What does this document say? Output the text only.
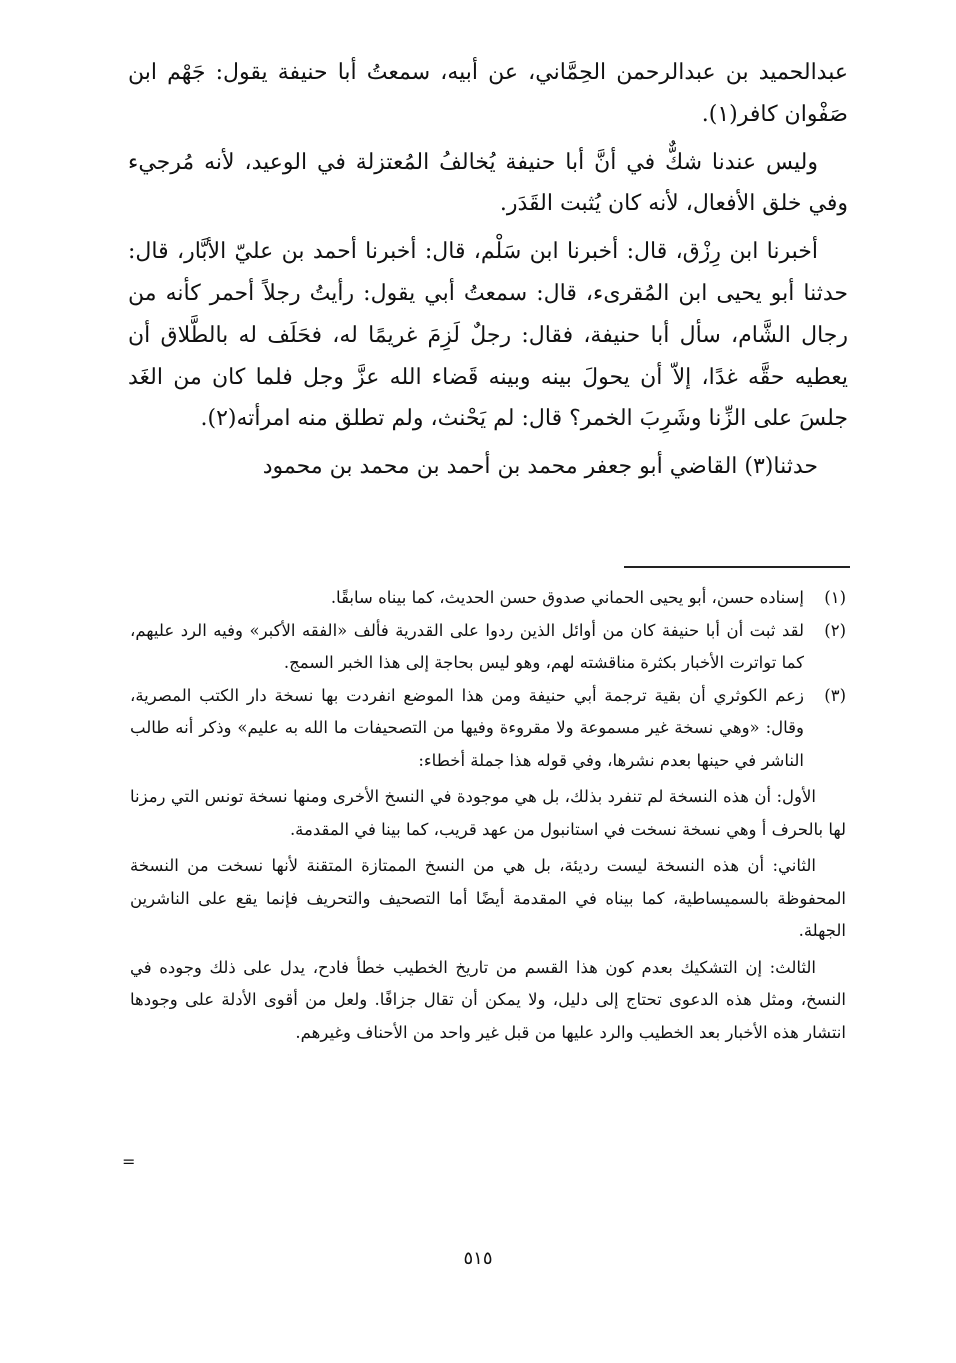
عبدالحميد بن عبدالرحمن الحِمَّاني، عن أبيه، سمعتُ أبا حنيفة يقول: جَهْم ابن صَفْوان كافر(١).

وليس عندنا شكٌّ في أنَّ أبا حنيفة يُخالفُ المُعتزلة في الوعيد، لأنه مُرجيء وفي خلق الأفعال، لأنه كان يُثبت القَدَر.

أخبرنا ابن رِزْق، قال: أخبرنا ابن سَلْم، قال: أخبرنا أحمد بن عليّ الأبَّار، قال: حدثنا أبو يحيى ابن المُقرىء، قال: سمعتُ أبي يقول: رأيتُ رجلاً أحمر كأنه من رجال الشَّام، سأل أبا حنيفة، فقال: رجلٌ لَزِمَ غريمًا له، فحَلَف له بالطَّلاق أن يعطيه حقَّه غدًا، إلاّ أن يحولَ بينه وبينه قَضاء الله عزَّ وجل فلما كان من الغَد جلسَ على الزِّنا وشَرِبَ الخمر؟ قال: لم يَحْنث، ولم تطلق منه امرأته(٢).

حدثنا(٣) القاضي أبو جعفر محمد بن أحمد بن محمد بن محمود

(١)
إسناده حسن، أبو يحيى الحماني صدوق حسن الحديث، كما بيناه سابقًا.
(٢)
لقد ثبت أن أبا حنيفة كان من أوائل الذين ردوا على القدرية فألف «الفقه الأكبر» وفيه الرد عليهم، كما تواترت الأخبار بكثرة مناقشته لهم، وهو ليس بحاجة إلى هذا الخبر السمج.
(٣)
زعم الكوثري أن بقية ترجمة أبي حنيفة ومن هذا الموضع انفردت بها نسخة دار الكتب المصرية، وقال: «وهي نسخة غير مسموعة ولا مقروءة وفيها من التصحيفات ما الله به عليم» وذكر أنه طالب الناشر في حينها بعدم نشرها، وفي قوله هذا جملة أخطاء:

الأول: أن هذه النسخة لم تنفرد بذلك، بل هي موجودة في النسخ الأخرى ومنها نسخة تونس التي رمزنا لها بالحرف أ وهي نسخة نسخت في استانبول من عهد قريب، كما بينا في المقدمة.

الثاني: أن هذه النسخة ليست رديئة، بل هي من النسخ الممتازة المتقنة لأنها نسخت من النسخة المحفوظة بالسميساطية، كما بيناه في المقدمة أيضًا أما التصحيف والتحريف فإنما يقع على الناشرين الجهلة.

الثالث: إن التشكيك بعدم كون هذا القسم من تاريخ الخطيب خطأ فادح، يدل على ذلك وجوده في النسخ، ومثل هذه الدعوى تحتاج إلى دليل، ولا يمكن أن تقال جزافًا. ولعل من أقوى الأدلة على وجودها انتشار هذه الأخبار بعد الخطيب والرد عليها من قبل غير واحد من الأحناف وغيرهم.

=
٥١٥
